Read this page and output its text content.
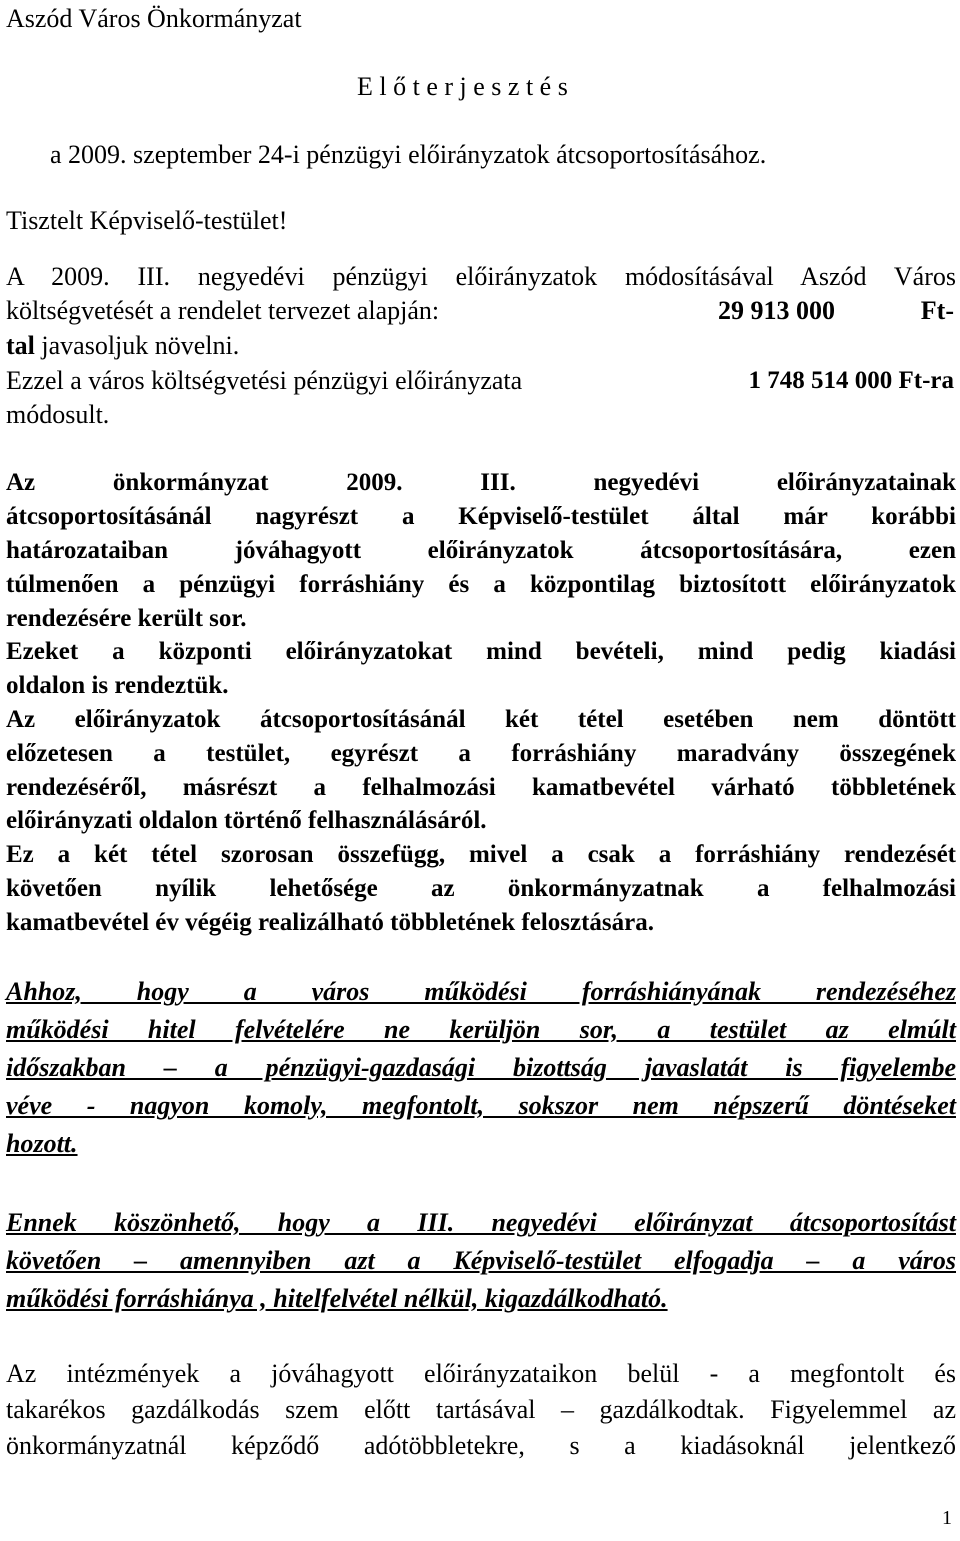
Aszód Város Önkormányzat
E l ő t e r j e s z t é s
a 2009. szeptember 24-i pénzügyi előirányzatok átcsoportosításához.
Tisztelt Képviselő-testület!
A 2009. III. negyedévi pénzügyi előirányzatok módosításával Aszód Város
költségvetését a rendelet tervezet alapján:	29 913 000	Ft-
tal javasoljuk növelni.
Ezzel a város költségvetési pénzügyi előirányzata	1 748 514 000 Ft-ra
módosult.
Az önkormányzat 2009. III. negyedévi előirányzatainak
átcsoportosításánál nagyrészt a Képviselő-testület által már korábbi
határozataiban jóváhagyott előirányzatok átcsoportosítására, ezen
túlmenően a pénzügyi forráshiány és a központilag biztosított előirányzatok
rendezésére került sor.
Ezeket a központi előirányzatokat mind bevételi, mind pedig kiadási
oldalon is rendeztük.
Az előirányzatok átcsoportosításánál két tétel esetében nem döntött
előzetesen a testület, egyrészt a forráshiány maradvány összegének
rendezéséről, másrészt a felhalmozási kamatbevétel várható többletének
előirányzati oldalon történő felhasználásáról.
Ez a két tétel szorosan összefügg, mivel a csak a forráshiány rendezését
követően nyílik lehetősége az önkormányzatnak a felhalmozási
kamatbevétel év végéig realizálható többletének felosztására.
Ahhoz, hogy a város működési forráshiányának rendezéséhez
működési hitel felvételére ne kerüljön sor, a testület az elmúlt
időszakban – a pénzügyi-gazdasági bizottság javaslatát is figyelembe
véve - nagyon komoly, megfontolt, sokszor nem népszerű döntéseket
hozott.
Ennek köszönhető, hogy a III. negyedévi előirányzat átcsoportosítást
követően – amennyiben azt a Képviselő-testület elfogadja – a város
működési forráshiánya , hitelfelvétel nélkül, kigazdálkodható.
Az intézmények a jóváhagyott előirányzataikon belül - a megfontolt és
takarékos gazdálkodás szem előtt tartásával – gazdálkodtak. Figyelemmel az
önkormányzatnál képződő adótöbbletekre, s a kiadásoknál jelentkező
1
